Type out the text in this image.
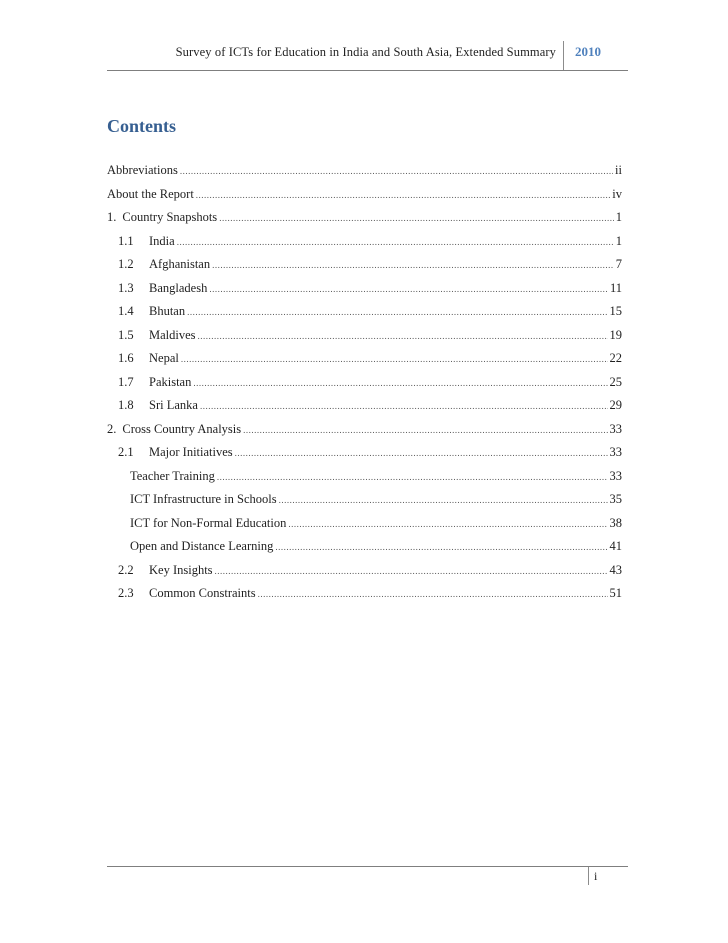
Survey of ICTs for Education in India and South Asia, Extended Summary 2010
Contents
Abbreviations .....	ii
About the Report .....	iv
1. Country Snapshots .....	1
1.1	India .....	1
1.2	Afghanistan .....	7
1.3	Bangladesh .....	11
1.4	Bhutan .....	15
1.5	Maldives .....	19
1.6	Nepal .....	22
1.7	Pakistan .....	25
1.8	Sri Lanka .....	29
2. Cross Country Analysis .....	33
2.1	Major Initiatives .....	33
Teacher Training .....	33
ICT Infrastructure in Schools .....	35
ICT for Non-Formal Education .....	38
Open and Distance Learning .....	41
2.2	Key Insights .....	43
2.3	Common Constraints .....	51
i
